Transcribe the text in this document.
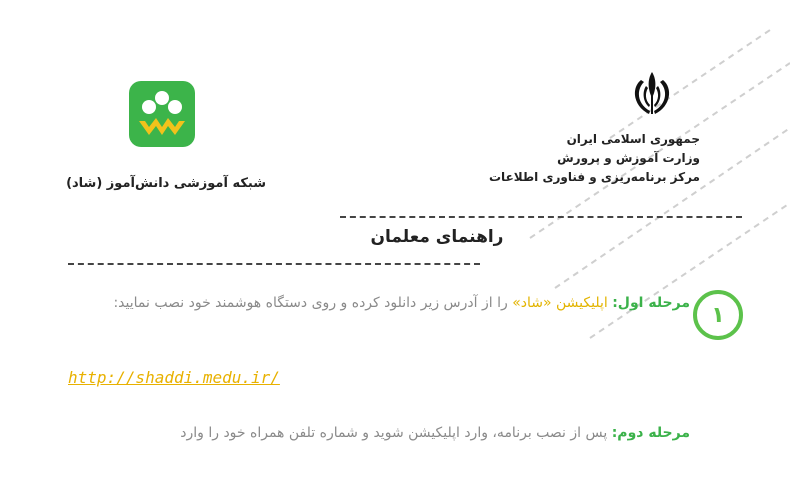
جمهوری اسلامی ایران
وزارت آموزش و پرورش
مرکز برنامه‌ریزی و فناوری اطلاعات
شبکه آموزشی دانش‌آموز (شاد)
راهنمای معلمان
۱
مرحله اول: اپلیکیشن «شاد» را از آدرس زیر دانلود کرده و روی دستگاه هوشمند خود نصب نمایید:
http://shaddi.medu.ir/
مرحله دوم: پس از نصب برنامه، وارد اپلیکیشن شوید و شماره تلفن همراه خود را وارد
